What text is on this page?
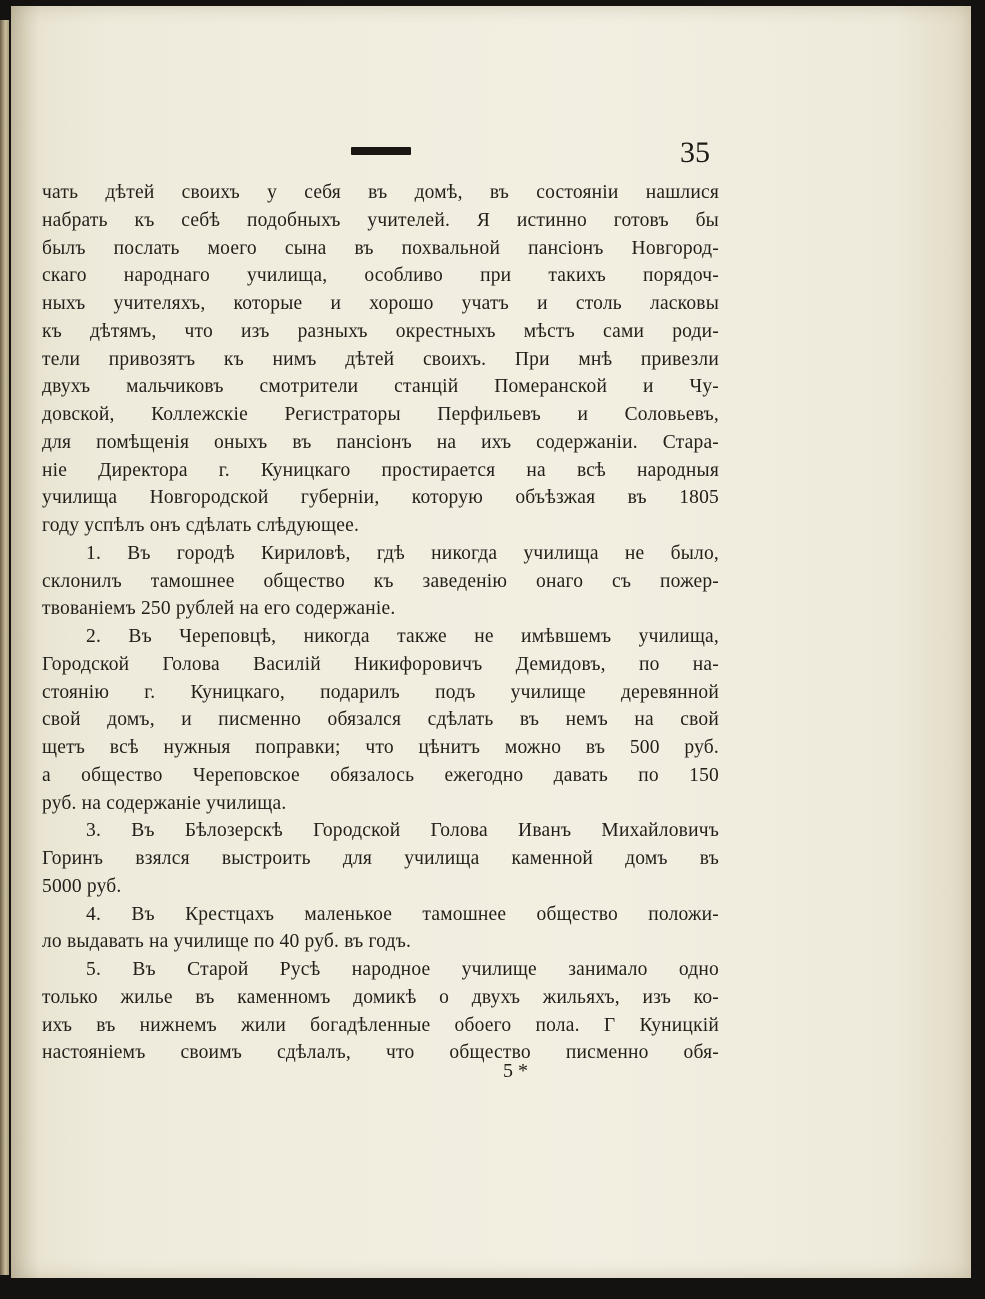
35
чать дѣтей своихъ у себя въ домѣ, въ состоянiи нашлися
набрать къ себѣ подобныхъ учителей. Я истинно готовъ бы
былъ послать моего сына въ похвальной пансiонъ Новгород-
скаго народнаго училища, особливо при такихъ порядоч-
ныхъ учителяхъ, которые и хорошо учатъ и столь ласковы
къ дѣтямъ, что изъ разныхъ окрестныхъ мѣстъ сами роди-
тели привозятъ къ нимъ дѣтей своихъ. При мнѣ привезли
двухъ мальчиковъ смотрители станцiй Померанской и Чу-
довской, Коллежскiе Регистраторы Перфильевъ и Соловьевъ,
для помѣщенiя оныхъ въ пансiонъ на ихъ содержанiи. Стара-
нiе Директора г. Куницкаго простирается на всѣ народныя
училища Новгородской губернiи, которую объѣзжая въ 1805
году успѣлъ онъ сдѣлать слѣдующее.
1. Въ городѣ Кириловѣ, гдѣ никогда училища не было,
склонилъ тамошнее общество къ заведенiю онаго съ пожер-
твованiемъ 250 рублей на его содержанiе.
2. Въ Череповцѣ, никогда также не имѣвшемъ училища,
Городской Голова Василiй Никифоровичъ Демидовъ, по на-
стоянiю г. Куницкаго, подарилъ подъ училище деревянной
свой домъ, и писменно обязался сдѣлать въ немъ на свой
щетъ всѣ нужныя поправки; что цѣнитъ можно въ 500 руб.
а общество Череповское обязалось ежегодно давать по 150
руб. на содержанiе училища.
3. Въ Бѣлозерскѣ Городской Голова Иванъ Михайловичъ
Горинъ взялся выстроить для училища каменной домъ въ
5000 руб.
4. Въ Крестцахъ маленькое тамошнее общество положи-
ло выдавать на училище по 40 руб. въ годъ.
5. Въ Старой Русѣ народное училище занимало одно
только жилье въ каменномъ домикѣ о двухъ жильяхъ, изъ ко-
ихъ въ нижнемъ жили богадѣленные обоего пола. Г Куницкiй
настоянiемъ своимъ сдѣлалъ, что общество писменно обя-
5 *
